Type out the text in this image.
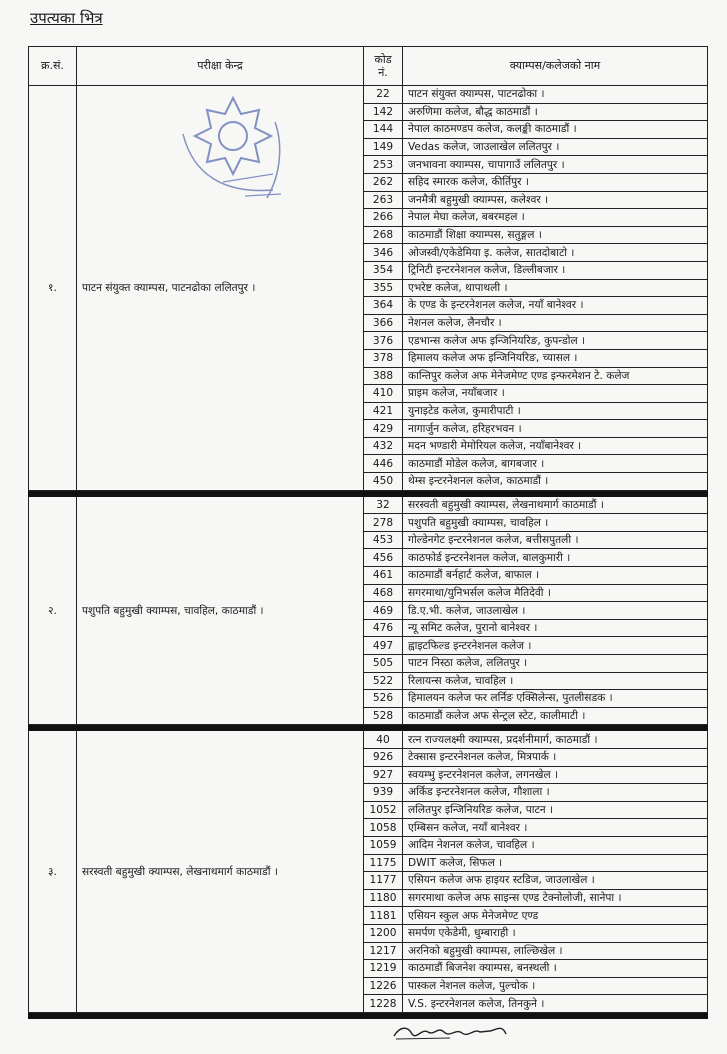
उपत्यका भित्र
क्र.सं.	परीक्षा केन्द्र	कोड नं.	क्याम्पस/कलेजको नाम
१.	पाटन संयुक्त क्याम्पस, पाटनढोका ललितपुर ।	22	पाटन संयुक्त क्याम्पस, पाटनढोका ।
		142	अरुणिमा कलेज, बौद्ध काठमाडौं ।
		144	नेपाल काठमण्डप कलेज, कलङ्की काठमाडौं ।
		149	Vedas कलेज, जाउलाखेल ललितपुर ।
		253	जनभावना क्याम्पस, चापागाउँ ललितपुर ।
		262	सहिद स्मारक कलेज, कीर्तिपुर ।
		263	जनमैत्री बहुमुखी क्याम्पस, कलेश्वर ।
		266	नेपाल मेघा कलेज, बबरमहल ।
		268	काठमाडौं शिक्षा क्याम्पस, सतुङ्गल ।
		346	ओजस्वी/एकेडेमिया इ. कलेज, सातदोबाटो ।
		354	ट्रिनिटी इन्टरनेशनल कलेज, डिल्लीबजार ।
		355	एभरेष्ट कलेज, थापाथली ।
		364	के एण्ड के इन्टरनेशनल कलेज, नयाँ बानेश्वर ।
		366	नेशनल कलेज, लैनचौर ।
		376	एडभान्स कलेज अफ इन्जिनियरिङ, कुपन्डोल ।
		378	हिमालय कलेज अफ इन्जिनियरिङ, च्यासल ।
		388	कान्तिपुर कलेज अफ मेनेजमेण्ट एण्ड इन्फरमेशन टे. कलेज
		410	प्राइम कलेज, नयाँबजार ।
		421	युनाइटेड कलेज, कुमारीपाटी ।
		429	नागार्जुन कलेज, हरिहरभवन ।
		432	मदन भण्डारी मेमोरियल कलेज, नयाँबानेश्वर ।
		446	काठमाडौं मोडेल कलेज, बागबजार ।
		450	थेम्स इन्टरनेशनल कलेज, काठमाडौं ।

२.	पशुपति बहुमुखी क्याम्पस, चावहिल, काठमाडौं ।	32	सरस्वती बहुमुखी क्याम्पस, लेखनाथमार्ग काठमाडौं ।
		278	पशुपति बहुमुखी क्याम्पस, चावहिल ।
		453	गोल्डेनगेट इन्टरनेशनल कलेज, बत्तीसपुतली ।
		456	काठफोर्ड इन्टरनेशनल कलेज, बालकुमारी ।
		461	काठमाडौं बर्नहार्ट कलेज, बाफाल ।
		468	सगरमाथा/युनिभर्सल कलेज मैतिदेवी ।
		469	डि.ए.भी. कलेज, जाउलाखेल ।
		476	न्यू समिट कलेज, पुरानो बानेश्वर ।
		497	ह्वाइटफिल्ड इन्टरनेशनल कलेज ।
		505	पाटन निस्ठा कलेज, ललितपुर ।
		522	रिलायन्स कलेज, चावहिल ।
		526	हिमालयन कलेज फर लर्निङ एक्सिलेन्स, पुतलीसडक ।
		528	काठमाडौं कलेज अफ सेन्ट्रल स्टेट, कालीमाटी ।

३.	सरस्वती बहुमुखी क्याम्पस, लेखनाथमार्ग काठमाडौं ।	40	रत्न राज्यलक्ष्मी क्याम्पस, प्रदर्शनीमार्ग, काठमाडौं ।
		926	टेक्सास इन्टरनेशनल कलेज, मित्रपार्क ।
		927	स्वयम्भु इन्टरनेशनल कलेज, लगनखेल ।
		939	अर्किड इन्टरनेशनल कलेज, गौशाला ।
		1052	ललितपुर इन्जिनियरिङ कलेज, पाटन ।
		1058	एम्बिसन कलेज, नयाँ बानेश्वर ।
		1059	आदिम नेशनल कलेज, चावहिल ।
		1175	DWIT कलेज, सिफल ।
		1177	एसियन कलेज अफ हाइयर स्टडिज, जाउलाखेल ।
		1180	सगरमाथा कलेज अफ साइन्स एण्ड टेक्नोलोजी, सानेपा ।
		1181	एसियन स्कुल अफ मेनेजमेण्ट एण्ड
		1200	समर्पण एकेडेमी, धुम्बाराही ।
		1217	अरनिको बहुमुखी क्याम्पस, लाल्छिखेल ।
		1219	काठमाडौं बिजनेश क्याम्पस, बनस्थली ।
		1226	पास्कल नेशनल कलेज, पुल्चोक ।
		1228	V.S. इन्टरनेशनल कलेज, तिनकुने ।
